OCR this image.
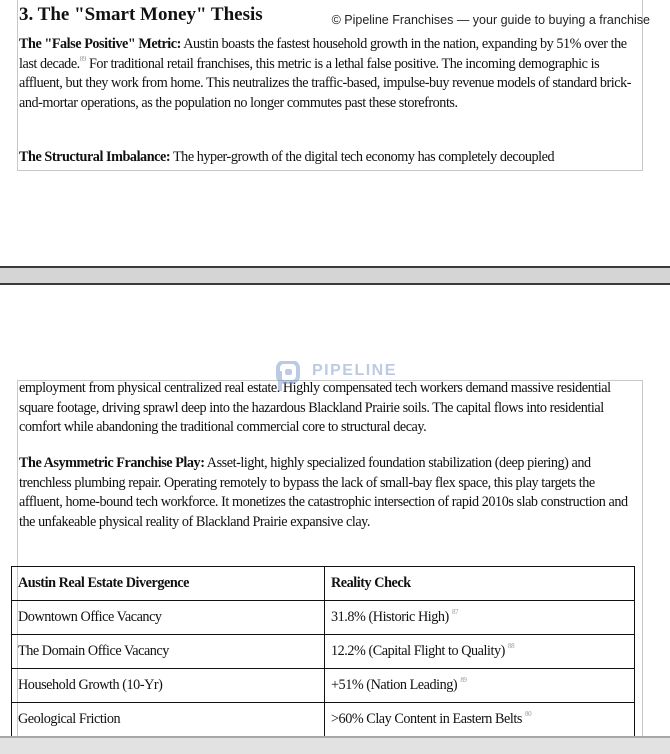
3. The "Smart Money" Thesis	© Pipeline Franchises — your guide to buying a franchise

The "False Positive" Metric: Austin boasts the fastest household growth in the nation, expanding by 51% over the last decade.$^{89}$ For traditional retail franchises, this metric is a lethal false positive. The incoming demographic is affluent, but they work from home. This neutralizes the traffic-based, impulse-buy revenue models of standard brick-and-mortar operations, as the population no longer commutes past these storefronts.

The Structural Imbalance: The hyper-growth of the digital tech economy has completely decoupled

employment from physical centralized real estate. Highly compensated tech workers demand massive residential square footage, driving sprawl deep into the hazardous Blackland Prairie soils. The capital flows into residential comfort while abandoning the traditional commercial core to structural decay.

PIPELINE

The Asymmetric Franchise Play: Asset-light, highly specialized foundation stabilization (deep piering) and trenchless plumbing repair. Operating remotely to bypass the lack of small-bay flex space, this play targets the affluent, home-bound tech workforce. It monetizes the catastrophic intersection of rapid 2010s slab construction and the unfakeable physical reality of Blackland Prairie expansive clay.

Austin Real Estate Divergence	Reality Check
Downtown Office Vacancy	31.8% (Historic High) $^{87}$
The Domain Office Vacancy	12.2% (Capital Flight to Quality) $^{88}$
Household Growth (10-Yr)	+51% (Nation Leading) $^{89}$
Geological Friction	>60% Clay Content in Eastern Belts $^{80}$
